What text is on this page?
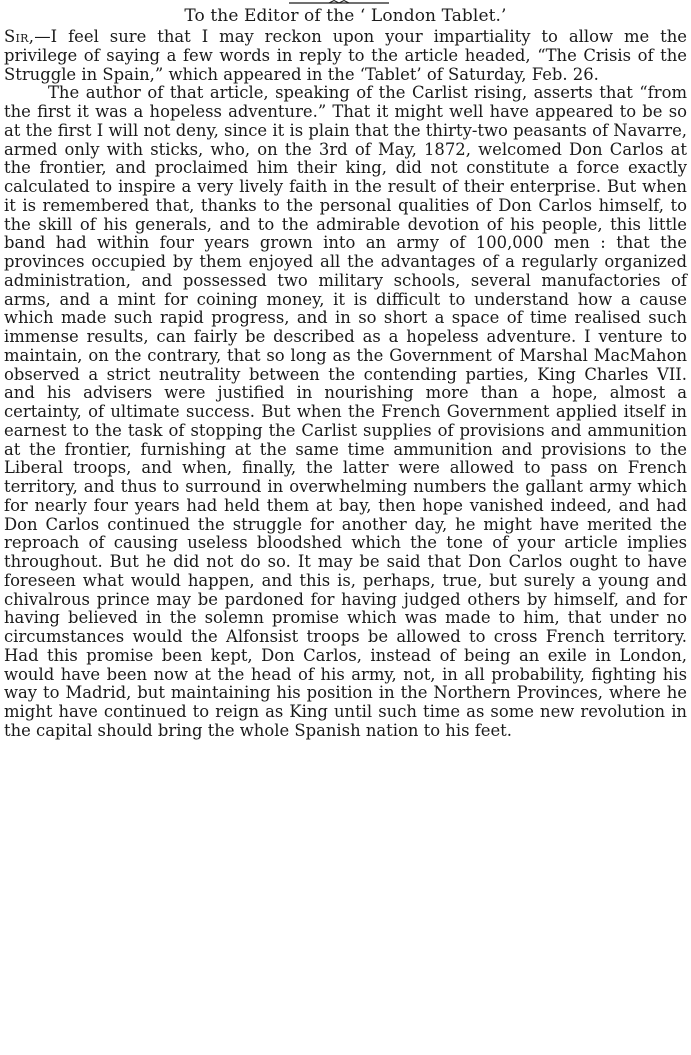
To the Editor of the ‘ London Tablet.’

Sir,—I feel sure that I may reckon upon your impartiality to allow me the privilege of saying a few words in reply to the article headed, “The Crisis of the Struggle in Spain,” which appeared in the ‘Tablet’ of Saturday, Feb. 26.

The author of that article, speaking of the Carlist rising, asserts that “from the first it was a hopeless adventure.” That it might well have appeared to be so at the first I will not deny, since it is plain that the thirty-two peasants of Navarre, armed only with sticks, who, on the 3rd of May, 1872, welcomed Don Carlos at the frontier, and proclaimed him their king, did not constitute a force exactly calculated to inspire a very lively faith in the result of their enterprise. But when it is remembered that, thanks to the personal qualities of Don Carlos himself, to the skill of his generals, and to the admirable devotion of his people, this little band had within four years grown into an army of 100,000 men : that the provinces occupied by them enjoyed all the advantages of a regularly organized administration, and possessed two military schools, several manufactories of arms, and a mint for coining money, it is difficult to understand how a cause which made such rapid progress, and in so short a space of time realised such immense results, can fairly be described as a hopeless adventure. I venture to maintain, on the contrary, that so long as the Government of Marshal MacMahon observed a strict neutrality between the contending parties, King Charles VII. and his advisers were justified in nourishing more than a hope, almost a certainty, of ultimate success. But when the French Government applied itself in earnest to the task of stopping the Carlist supplies of provisions and ammunition at the frontier, furnishing at the same time ammunition and provisions to the Liberal troops, and when, finally, the latter were allowed to pass on French territory, and thus to surround in overwhelming numbers the gallant army which for nearly four years had held them at bay, then hope vanished indeed, and had Don Carlos continued the struggle for another day, he might have merited the reproach of causing useless bloodshed which the tone of your article implies throughout. But he did not do so. It may be said that Don Carlos ought to have foreseen what would happen, and this is, perhaps, true, but surely a young and chivalrous prince may be pardoned for having judged others by himself, and for having believed in the solemn promise which was made to him, that under no circumstances would the Alfonsist troops be allowed to cross French territory. Had this promise been kept, Don Carlos, instead of being an exile in London, would have been now at the head of his army, not, in all probability, fighting his way to Madrid, but maintaining his position in the Northern Provinces, where he might have continued to reign as King until such time as some new revolution in the capital should bring the whole Spanish nation to his feet.
